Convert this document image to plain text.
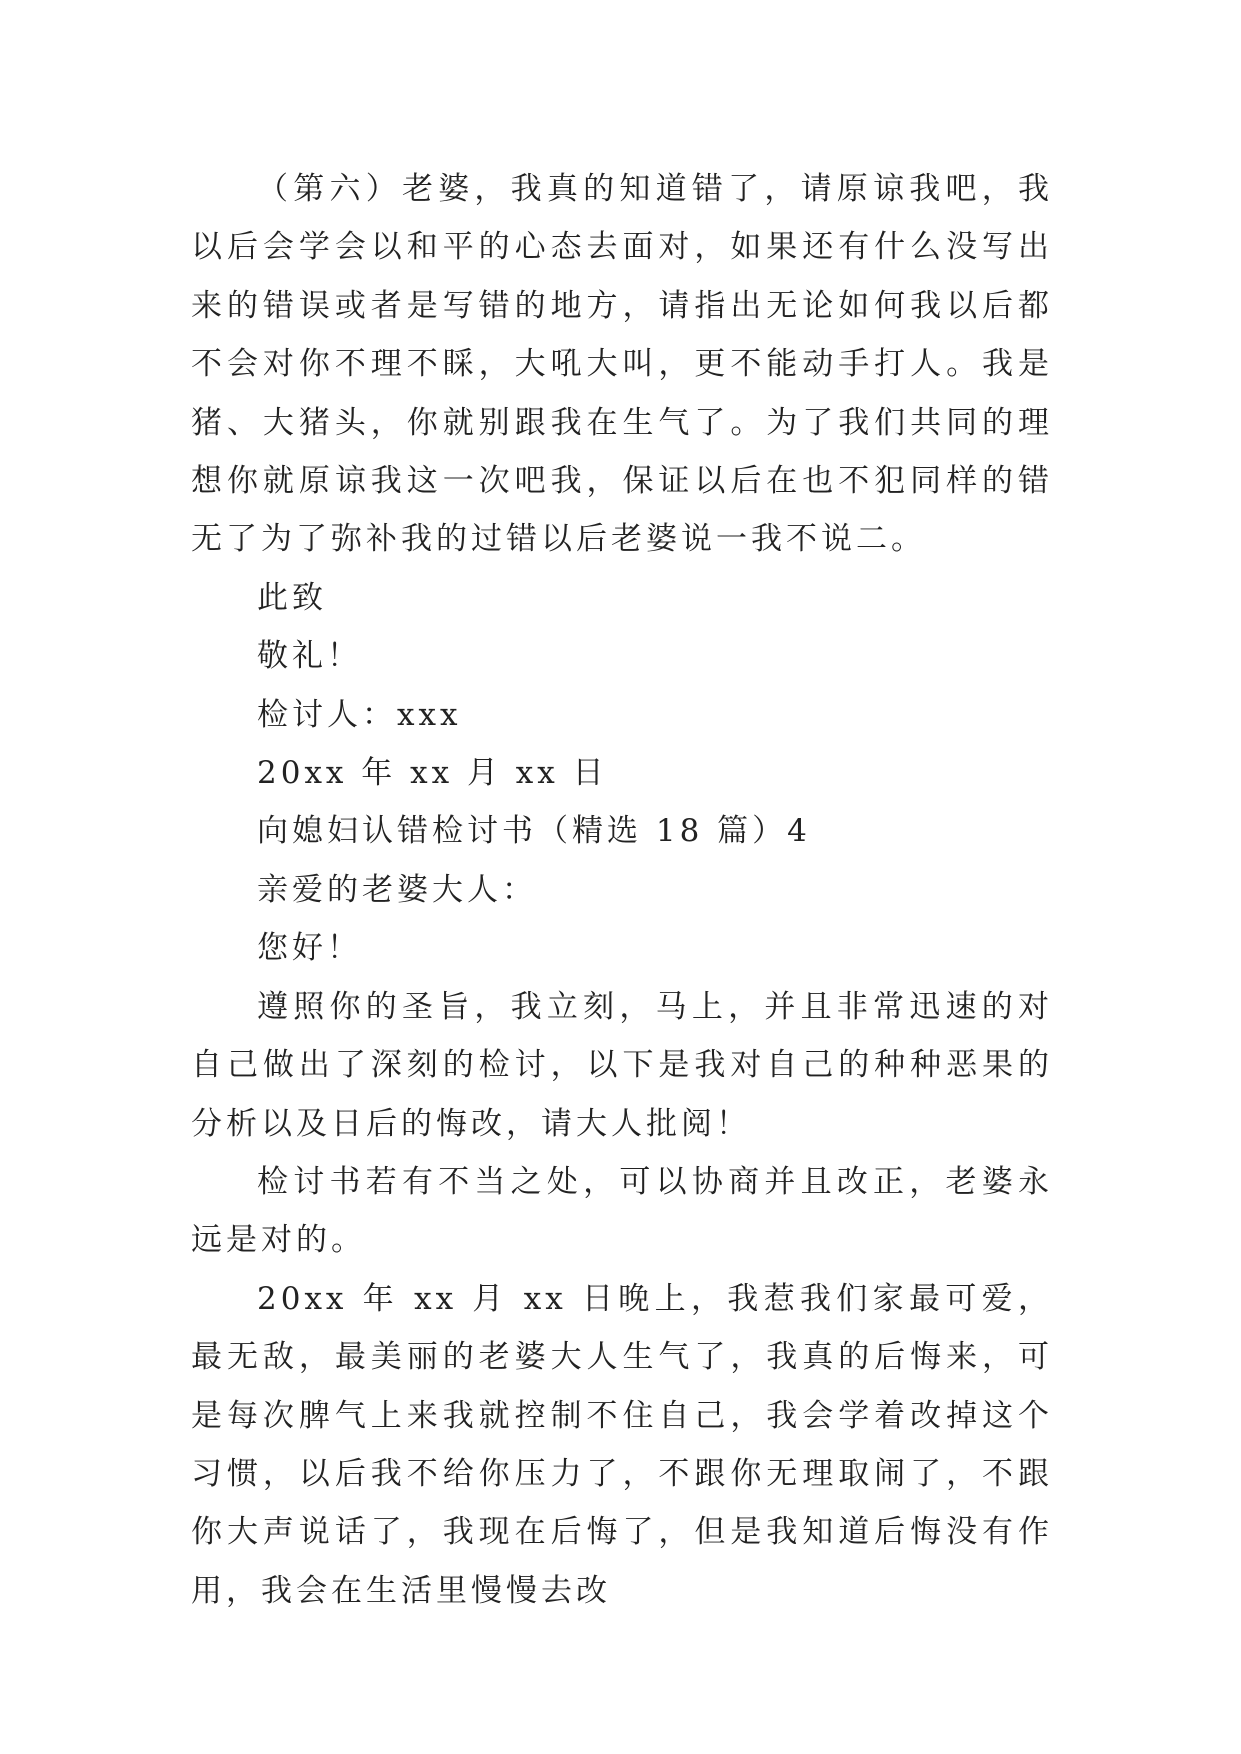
（第六）老婆，我真的知道错了，请原谅我吧，我以后会学会以和平的心态去面对，如果还有什么没写出来的错误或者是写错的地方，请指出无论如何我以后都不会对你不理不睬，大吼大叫，更不能动手打人。我是猪、大猪头，你就别跟我在生气了。为了我们共同的理想你就原谅我这一次吧我，保证以后在也不犯同样的错无了为了弥补我的过错以后老婆说一我不说二。

此致

敬礼！

检讨人：xxx

20xx 年 xx 月 xx 日

向媳妇认错检讨书（精选 18 篇）4

亲爱的老婆大人：

您好！

遵照你的圣旨，我立刻，马上，并且非常迅速的对自己做出了深刻的检讨，以下是我对自己的种种恶果的分析以及日后的悔改，请大人批阅！

检讨书若有不当之处，可以协商并且改正，老婆永远是对的。

20xx 年 xx 月 xx 日晚上，我惹我们家最可爱，最无敌，最美丽的老婆大人生气了，我真的后悔来，可是每次脾气上来我就控制不住自己，我会学着改掉这个习惯，以后我不给你压力了，不跟你无理取闹了，不跟你大声说话了，我现在后悔了，但是我知道后悔没有作用，我会在生活里慢慢去改
